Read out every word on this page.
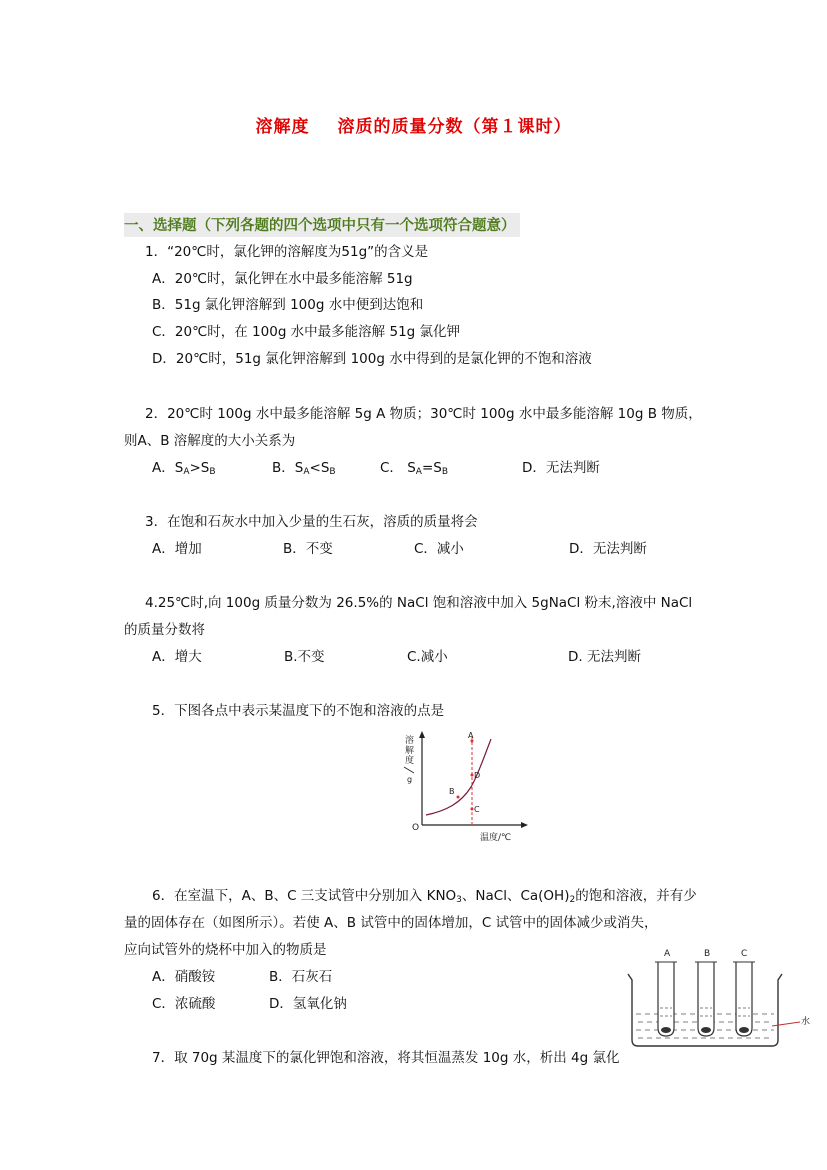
溶解度 溶质的质量分数（第１课时）
一、选择题（下列各题的四个选项中只有一个选项符合题意）
1．“20℃时，氯化钾的溶解度为51g”的含义是
A．20℃时，氯化钾在水中最多能溶解 51g
B．51g 氯化钾溶解到 100g 水中便到达饱和
C．20℃时，在 100g 水中最多能溶解 51g 氯化钾
D．20℃时，51g 氯化钾溶解到 100g 水中得到的是氯化钾的不饱和溶液
2．20℃时 100g 水中最多能溶解 5g A 物质；30℃时 100g 水中最多能溶解 10g B 物质，
则A、B 溶解度的大小关系为
A．$S_A>S_B$	B．$S_A<S_B$	C． $S_A=S_B$	D．无法判断
3．在饱和石灰水中加入少量的生石灰，溶质的质量将会
A．增加	B．不变	C．减小	D．无法判断
4.25℃时,向 100g 质量分数为 26.5%的 NaCl 饱和溶液中加入 5gNaCl 粉末,溶液中 NaCl
的质量分数将
A．增大	B.不变	C.减小	D. 无法判断
5．下图各点中表示某温度下的不饱和溶液的点是
溶
解
度
g
O
温度/℃
A
B
C
D
6．在室温下，A、B、C 三支试管中分别加入 $KNO_3$、NaCl、$Ca(OH)_2$的饱和溶液，并有少
量的固体存在（如图所示）。若使 A、B 试管中的固体增加，C 试管中的固体减少或消失，
应向试管外的烧杯中加入的物质是
A．硝酸铵	B．石灰石
C．浓硫酸	D．氢氧化钠
A	B	C
水
7．取 70g 某温度下的氯化钾饱和溶液，将其恒温蒸发 10g 水，析出 4g 氯化
